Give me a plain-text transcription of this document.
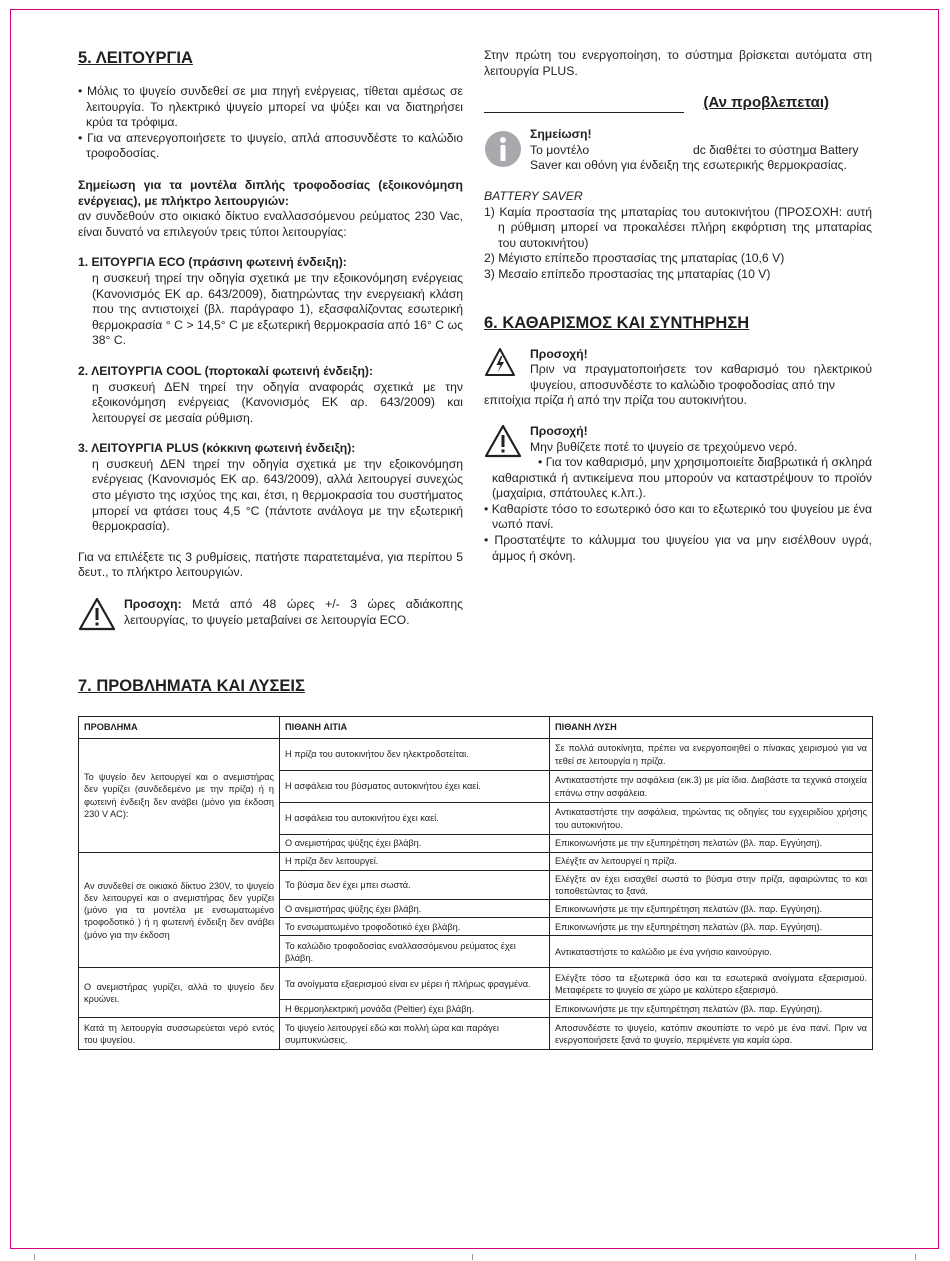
5. ΛΕΙΤΟΥΡΓΙΑ

• Μόλις το ψυγείο συνδεθεί σε μια πηγή ενέργειας, τίθεται αμέσως σε λειτουργία. Το ηλεκτρικό ψυγείο μπορεί να ψύξει και να διατηρήσει κρύα τα τρόφιμα.

• Για να απενεργοποιήσετε το ψυγείο, απλά αποσυνδέστε το καλώδιο τροφοδοσίας.

Σημείωση για τα μοντέλα διπλής τροφοδοσίας (εξοικονόμηση ενέργειας), με πλήκτρο λειτουργιών:

αν συνδεθούν στο οικιακό δίκτυο εναλλασσόμενου ρεύματος 230 Vac, είναι δυνατό να επιλεγούν τρεις τύποι λειτουργίας:

1. ΕΙΤΟΥΡΓΙΑ ECO (πράσινη φωτεινή ένδειξη):

η συσκευή τηρεί την οδηγία σχετικά με την εξοικονόμηση ενέργειας (Κανονισμός ΕΚ αρ. 643/2009), διατηρώντας την ενεργειακή κλάση που της αντιστοιχεί (βλ. παράγραφο 1), εξασφαλίζοντας εσωτερική θερμοκρασία ° C > 14,5° C με εξωτερική θερμοκρασία από 16° C ως 38° C.

2. ΛΕΙΤΟΥΡΓΙΑ COOL (πορτοκαλί φωτεινή ένδειξη):

η συσκευή ΔΕΝ τηρεί την οδηγία αναφοράς σχετικά με την εξοικονόμηση ενέργειας (Κανονισμός ΕΚ αρ. 643/2009) και λειτουργεί σε μεσαία ρύθμιση.

3. ΛΕΙΤΟΥΡΓΙΑ PLUS (κόκκινη φωτεινή ένδειξη):

η συσκευή ΔΕΝ τηρεί την οδηγία σχετικά με την εξοικονόμηση ενέργειας (Κανονισμός ΕΚ αρ. 643/2009), αλλά λειτουργεί συνεχώς στο μέγιστο της ισχύος της και, έτσι, η θερμοκρασία του συστήματος μπορεί να φτάσει τους 4,5 °C (πάντοτε ανάλογα με την εξωτερική θερμοκρασία).

Για να επιλέξετε τις 3 ρυθμίσεις, πατήστε παρατεταμένα, για περίπου 5 δευτ., το πλήκτρο λειτουργιών.

Προσοχη: Μετά από 48 ώρες +/- 3 ώρες αδιάκοπης λειτουργίας, το ψυγείο μεταβαίνει σε λειτουργία ECO.

Στην πρώτη του ενεργοποίηση, το σύστημα βρίσκεται αυτόματα στη λειτουργία PLUS.

(Αν προβλεπεται)

Σημείωση!

Το μοντέλο	dc διαθέτει το σύστημα Battery

Saver και οθόνη για ένδειξη της εσωτερικής θερμοκρασίας.

BATTERY SAVER

1) Καμία προστασία της μπαταρίας του αυτοκινήτου (ΠΡΟΣΟΧΗ: αυτή η ρύθμιση μπορεί να προκαλέσει πλήρη εκφόρτιση της μπαταρίας του αυτοκινήτου)

2) Μέγιστο επίπεδο προστασίας της μπαταρίας (10,6 V)

3) Μεσαίο επίπεδο προστασίας της μπαταρίας (10 V)

6. ΚΑΘΑΡΙΣΜΟΣ ΚΑΙ ΣΥΝΤΗΡΗΣΗ

Προσοχή!

Πριν να πραγματοποιήσετε τον καθαρισμό του ηλεκτρικού ψυγείου, αποσυνδέστε το καλώδιο τροφοδοσίας από την

επιτοίχια πρίζα ή από την πρίζα του αυτοκινήτου.

Προσοχή!

Μην βυθίζετε ποτέ το ψυγείο σε τρεχούμενο νερό.

• Για τον καθαρισμό, μην χρησιμοποιείτε διαβρωτικά ή σκληρά καθαριστικά ή αντικείμενα που μπορούν να καταστρέψουν το προϊόν (μαχαίρια, σπάτουλες κ.λπ.).

• Καθαρίστε τόσο το εσωτερικό όσο και το εξωτερικό του ψυγείου με ένα νωπό πανί.

• Προστατέψτε το κάλυμμα του ψυγείου για να μην εισέλθουν υγρά, άμμος ή σκόνη.

7. ΠΡΟΒΛΗΜΑΤΑ ΚΑΙ ΛΥΣΕΙΣ
ΠΡΟΒΛΗΜΑ	ΠΙΘΑΝΗ ΑΙΤΙΑ	ΠΙΘΑΝΗ ΛΥΣΗ
Το ψυγείο δεν λειτουργεί και ο ανεμιστήρας δεν γυρίζει (συνδεδεμένο με την πρίζα) ή η φωτεινή ένδειξη δεν ανάβει (μόνο για έκδοση 230 V AC):	Η πρίζα του αυτοκινήτου δεν ηλεκτροδοτείται.	Σε πολλά αυτοκίνητα, πρέπει να ενεργοποιηθεί ο πίνακας χειρισμού για να τεθεί σε λειτουργία η πρίζα.
	Η ασφάλεια του βύσματος αυτοκινήτου έχει καεί.	Αντικαταστήστε την ασφάλεια (εικ.3) με μία ίδια. Διαβάστε τα τεχνικά στοιχεία επάνω στην ασφάλεια.
	Η ασφάλεια του αυτοκινήτου έχει καεί.	Αντικαταστήστε την ασφάλεια, τηρώντας τις οδηγίες του εγχειριδίου χρήσης του αυτοκινήτου.
	Ο ανεμιστήρας ψύξης έχει βλάβη.	Επικοινωνήστε με την εξυπηρέτηση πελατών (βλ. παρ. Εγγύηση).
Αν συνδεθεί σε οικιακό δίκτυο 230V, το ψυγείο δεν λειτουργεί και ο ανεμιστήρας δεν γυρίζει (μόνο για τα μοντέλα με ενσωματωμένο τροφοδοτικό ) ή η φωτεινή ένδειξη δεν ανάβει (μόνο για την έκδοση	Η πρίζα δεν λειτουργεί.	Ελέγξτε αν λειτουργεί η πρίζα.
	Το βύσμα δεν έχει μπει σωστά.	Ελέγξτε αν έχει εισαχθεί σωστά το βύσμα στην πρίζα, αφαιρώντας το και τοποθετώντας το ξανά.
	Ο ανεμιστήρας ψύξης έχει βλάβη.	Επικοινωνήστε με την εξυπηρέτηση πελατών (βλ. παρ. Εγγύηση).
	Το ενσωματωμένο τροφοδοτικό έχει βλάβη.	Επικοινωνήστε με την εξυπηρέτηση πελατών (βλ. παρ. Εγγύηση).
	Το καλώδιο τροφοδοσίας εναλλασσόμενου ρεύματος έχει βλάβη.	Αντικαταστήστε το καλώδιο με ένα γνήσιο καινούργιο.
Ο ανεμιστήρας γυρίζει, αλλά το ψυγείο δεν κρυώνει.	Τα ανοίγματα εξαερισμού είναι εν μέρει ή πλήρως φραγμένα.	Ελέγξτε τόσο τα εξωτερικά όσο και τα εσωτερικά ανοίγματα εξαερισμού. Μεταφέρετε το ψυγείο σε χώρο με καλύτερο εξαερισμό.
	Η θερμοηλεκτρική μονάδα (Peltier) έχει βλάβη.	Επικοινωνήστε με την εξυπηρέτηση πελατών (βλ. παρ. Εγγύηση).
Κατά τη λειτουργία συσσωρεύεται νερό εντός του ψυγείου.	Το ψυγείο λειτουργεί εδώ και πολλή ώρα και παράγει συμπυκνώσεις.	Αποσυνδέστε το ψυγείο, κατόπιν σκουπίστε το νερό με ένα πανί. Πριν να ενεργοποιήσετε ξανά το ψυγείο, περιμένετε για καμία ώρα.
